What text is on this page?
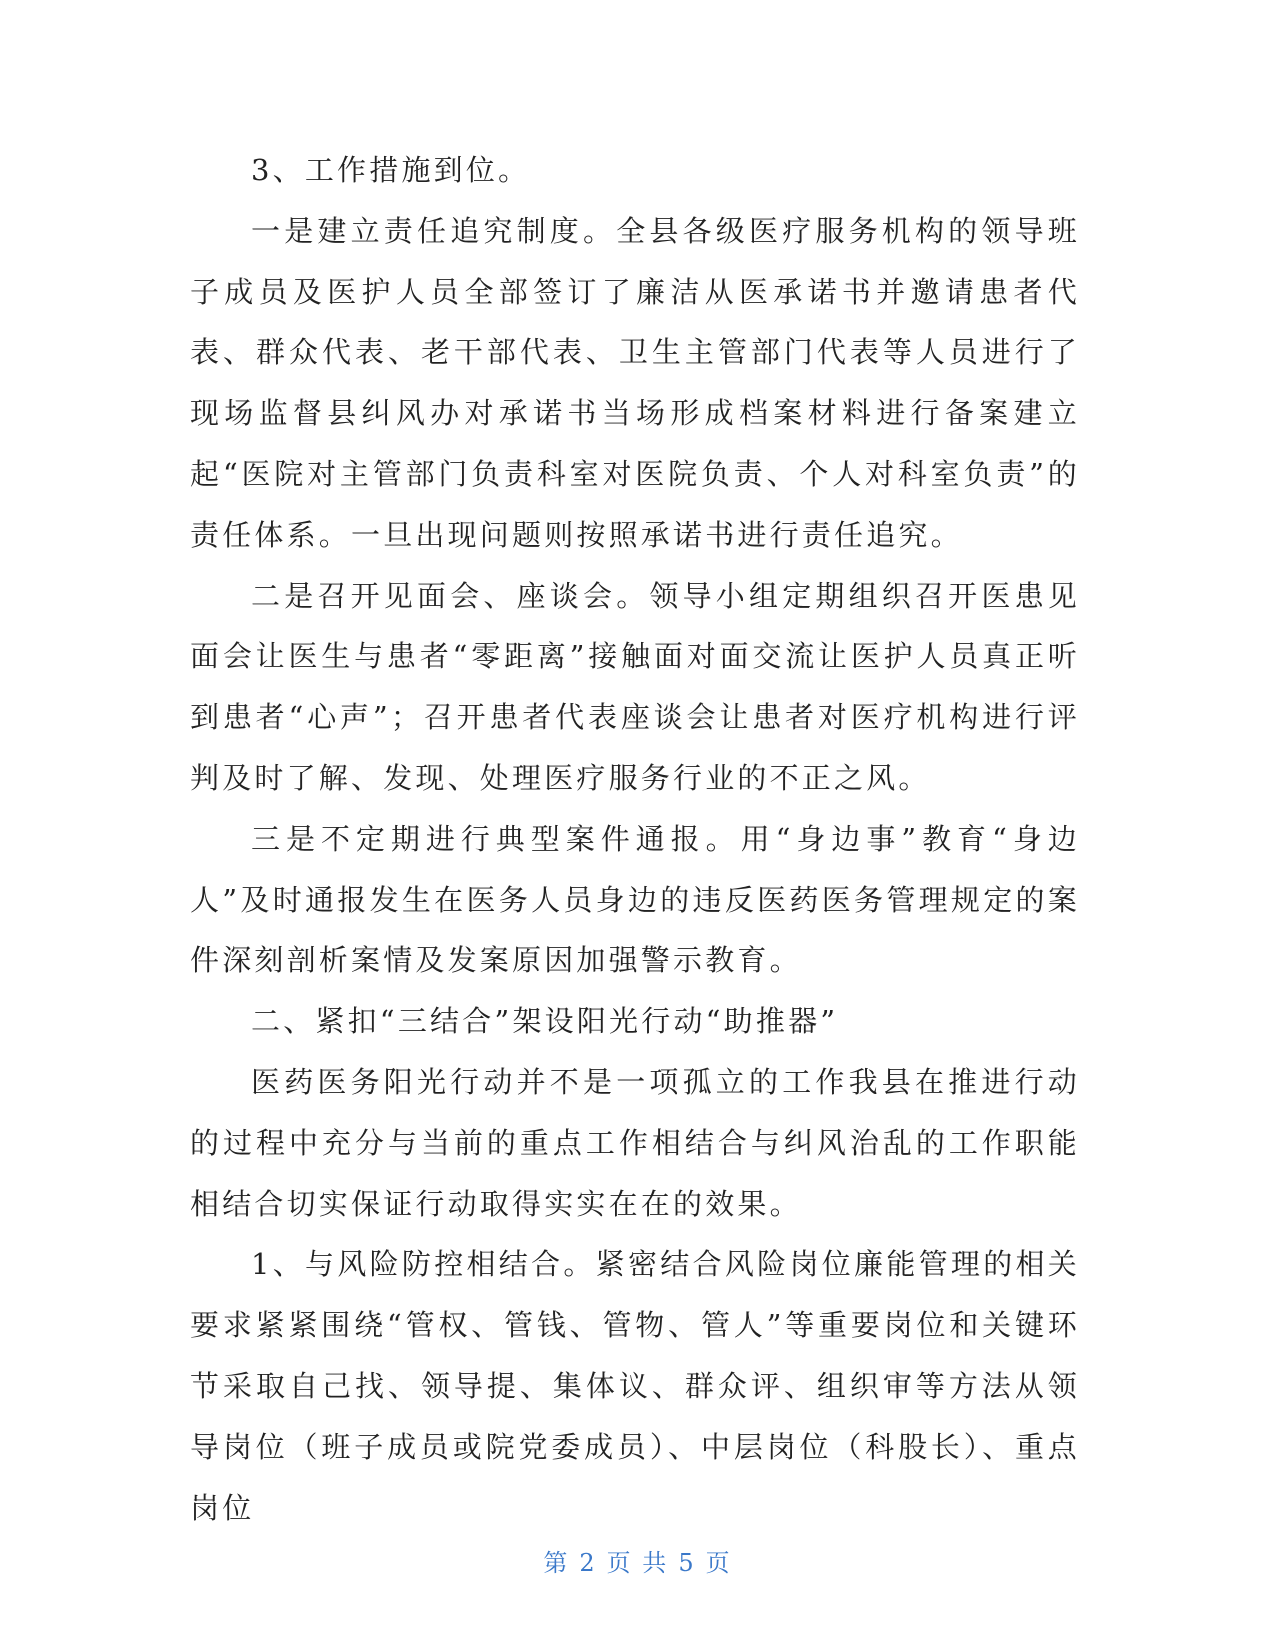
3、工作措施到位。

一是建立责任追究制度。全县各级医疗服务机构的领导班子成员及医护人员全部签订了廉洁从医承诺书并邀请患者代表、群众代表、老干部代表、卫生主管部门代表等人员进行了现场监督县纠风办对承诺书当场形成档案材料进行备案建立起“医院对主管部门负责科室对医院负责、个人对科室负责”的责任体系。一旦出现问题则按照承诺书进行责任追究。

二是召开见面会、座谈会。领导小组定期组织召开医患见面会让医生与患者“零距离”接触面对面交流让医护人员真正听到患者“心声”；召开患者代表座谈会让患者对医疗机构进行评判及时了解、发现、处理医疗服务行业的不正之风。

三是不定期进行典型案件通报。用“身边事”教育“身边人”及时通报发生在医务人员身边的违反医药医务管理规定的案件深刻剖析案情及发案原因加强警示教育。

二、紧扣“三结合”架设阳光行动“助推器”

医药医务阳光行动并不是一项孤立的工作我县在推进行动的过程中充分与当前的重点工作相结合与纠风治乱的工作职能相结合切实保证行动取得实实在在的效果。

1、与风险防控相结合。紧密结合风险岗位廉能管理的相关要求紧紧围绕“管权、管钱、管物、管人”等重要岗位和关键环节采取自己找、领导提、集体议、群众评、组织审等方法从领导岗位（班子成员或院党委成员）、中层岗位（科股长）、重点岗位

第 2 页 共 5 页
